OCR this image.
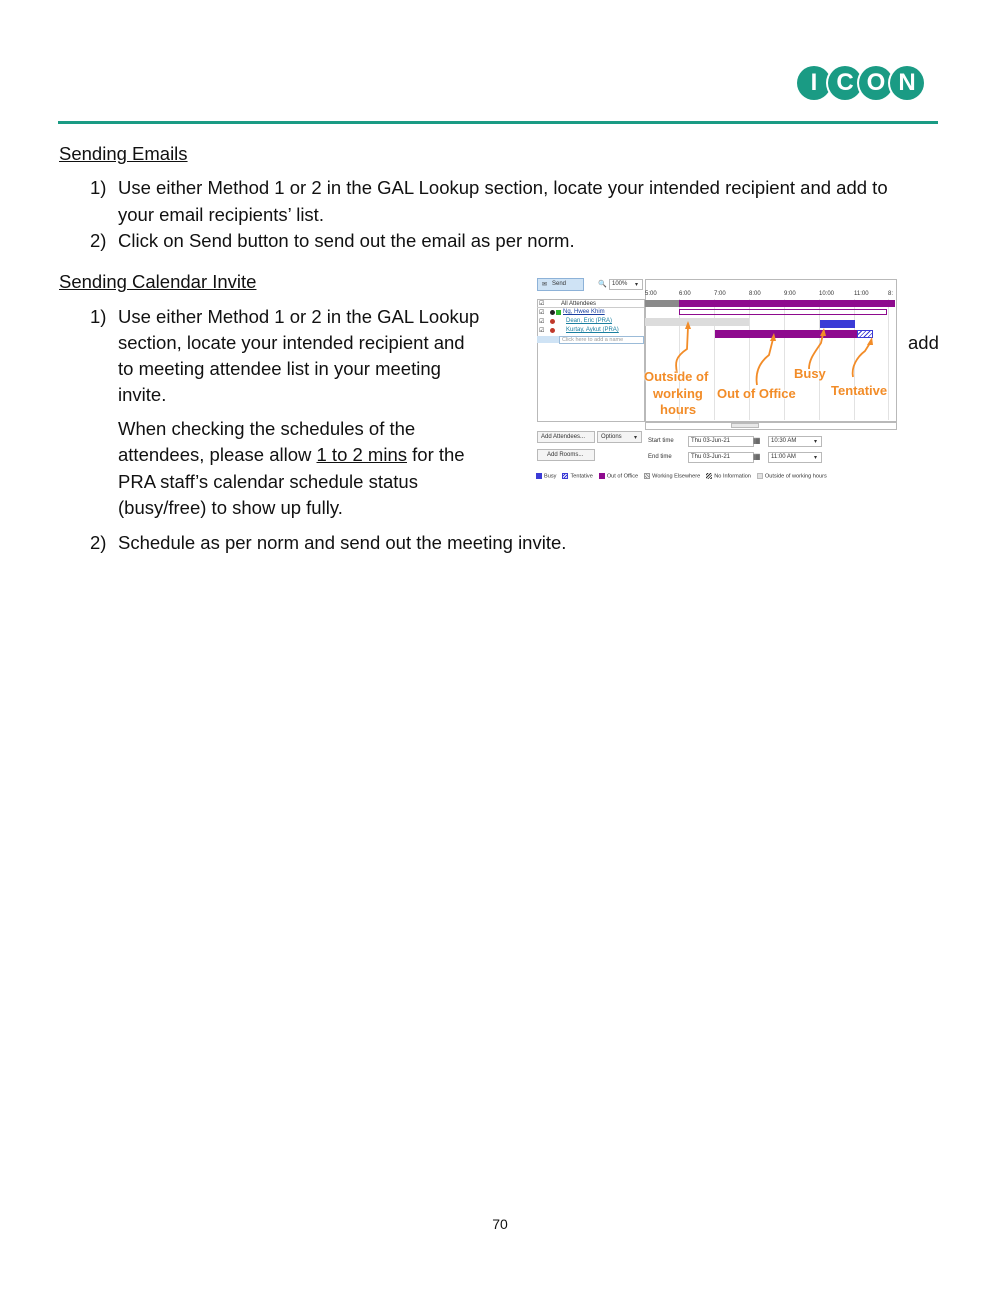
I C O N
Sending Emails
1) Use either Method 1 or 2 in the GAL Lookup section, locate your intended recipient and add to
your email recipients’ list.
2) Click on Send button to send out the email as per norm.
Sending Calendar Invite
1) Use either Method 1 or 2 in the GAL Lookup
section, locate your intended recipient and	add
to meeting attendee list in your meeting
invite.
When checking the schedules of the
attendees, please allow 1 to 2 mins for the
PRA staff’s calendar schedule status
(busy/free) to show up fully.
2) Schedule as per norm and send out the meeting invite.
✉ Send	🔍 100% ▾
☑	All Attendees
☑	Ng, Hwee Khim
☑	Dean, Eric (PRA)
☑	Kurtay, Aykut (PRA)
Click here to add a name
5:00	6:00	7:00	8:00	9:00	10:00	11:00	8:
Outside of
working
hours
Out of Office
Busy
Tentative
Add Attendees...	Options ▾
Add Rooms...
Start time	Thu 03-Jun-21	▦ 10:30 AM	▾
End time	Thu 03-Jun-21	▦ 11:00 AM	▾
Busy	Tentative	Out of Office	Working Elsewhere	No Information	Outside of working hours
70
